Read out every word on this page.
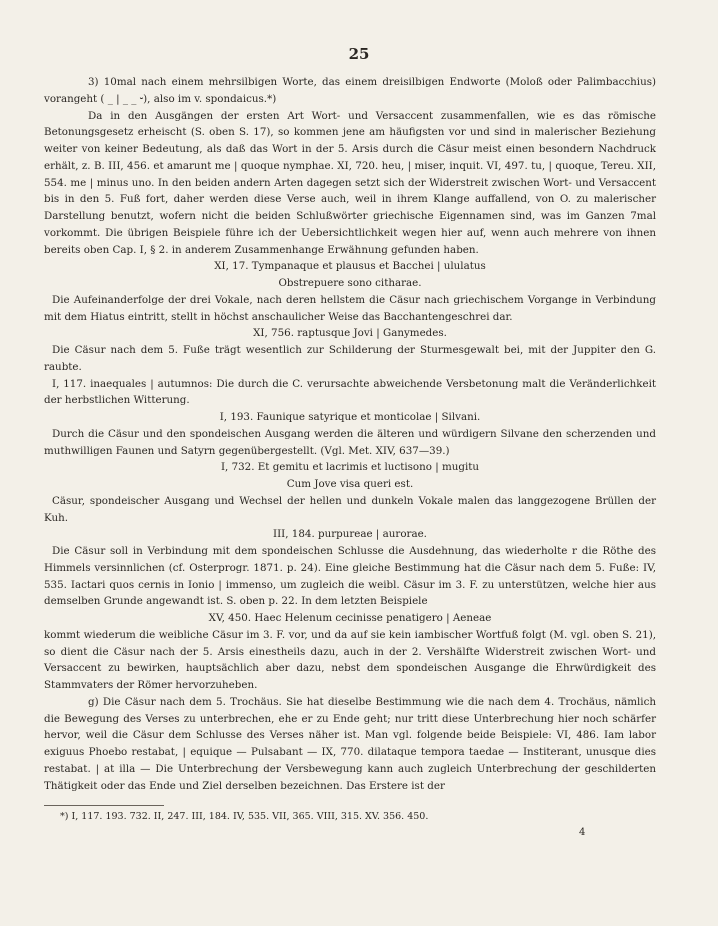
25

3) 10mal nach einem mehrsilbigen Worte, das einem dreisilbigen Endworte (Moloß oder Palimbacchius) vorangeht ( _ | _ _ ⏑), also im v. spondaicus.*)

Da in den Ausgängen der ersten Art Wort- und Versaccent zusammenfallen, wie es das römische Betonungsgesetz erheischt (S. oben S. 17), so kommen jene am häufigsten vor und sind in malerischer Beziehung weiter von keiner Bedeutung, als daß das Wort in der 5. Arsis durch die Cäsur meist einen besondern Nachdruck erhält, z. B. III, 456. et amarunt me | quoque nymphae. XI, 720. heu, | miser, inquit. VI, 497. tu, | quoque, Tereu. XII, 554. me | minus uno. In den beiden andern Arten dagegen setzt sich der Widerstreit zwischen Wort- und Versaccent bis in den 5. Fuß fort, daher werden diese Verse auch, weil in ihrem Klange auffallend, von O. zu malerischer Darstellung benutzt, wofern nicht die beiden Schlußwörter griechische Eigennamen sind, was im Ganzen 7mal vorkommt. Die übrigen Beispiele führe ich der Uebersichtlichkeit wegen hier auf, wenn auch mehrere von ihnen bereits oben Cap. I, § 2. in anderem Zusammenhange Erwähnung gefunden haben.

XI, 17. Tympanaque et plausus et Bacchei | ululatus

Obstrepuere sono citharae.

Die Aufeinanderfolge der drei Vokale, nach deren hellstem die Cäsur nach griechischem Vorgange in Verbindung mit dem Hiatus eintritt, stellt in höchst anschaulicher Weise das Bacchantengeschrei dar.

XI, 756. raptusque Jovi | Ganymedes.

Die Cäsur nach dem 5. Fuße trägt wesentlich zur Schilderung der Sturmesgewalt bei, mit der Juppiter den G. raubte.

I, 117. inaequales | autumnos: Die durch die C. verursachte abweichende Versbetonung malt die Veränderlichkeit der herbstlichen Witterung.

I, 193. Faunique satyrique et monticolae | Silvani.

Durch die Cäsur und den spondeischen Ausgang werden die älteren und würdigern Silvane den scherzenden und muthwilligen Faunen und Satyrn gegenübergestellt. (Vgl. Met. XIV, 637—39.)

I, 732. Et gemitu et lacrimis et luctisono | mugitu

Cum Jove visa queri est.

Cäsur, spondeischer Ausgang und Wechsel der hellen und dunkeln Vokale malen das langgezogene Brüllen der Kuh.

III, 184. purpureae | aurorae.

Die Cäsur soll in Verbindung mit dem spondeischen Schlusse die Ausdehnung, das wiederholte r die Röthe des Himmels versinnlichen (cf. Osterprogr. 1871. p. 24). Eine gleiche Bestimmung hat die Cäsur nach dem 5. Fuße: IV, 535. Iactari quos cernis in Ionio | immenso, um zugleich die weibl. Cäsur im 3. F. zu unterstützen, welche hier aus demselben Grunde angewandt ist. S. oben p. 22. In dem letzten Beispiele

XV, 450. Haec Helenum cecinisse penatigero | Aeneae

kommt wiederum die weibliche Cäsur im 3. F. vor, und da auf sie kein iambischer Wortfuß folgt (M. vgl. oben S. 21), so dient die Cäsur nach der 5. Arsis einestheils dazu, auch in der 2. Vershälfte Widerstreit zwischen Wort- und Versaccent zu bewirken, hauptsächlich aber dazu, nebst dem spondeischen Ausgange die Ehrwürdigkeit des Stammvaters der Römer hervorzuheben.

g) Die Cäsur nach dem 5. Trochäus. Sie hat dieselbe Bestimmung wie die nach dem 4. Trochäus, nämlich die Bewegung des Verses zu unterbrechen, ehe er zu Ende geht; nur tritt diese Unterbrechung hier noch schärfer hervor, weil die Cäsur dem Schlusse des Verses näher ist. Man vgl. folgende beide Beispiele: VI, 486. Iam labor exiguus Phoebo restabat, | equique — Pulsabant — IX, 770. dilataque tempora taedae — Institerant, unusque dies restabat. | at illa — Die Unterbrechung der Versbewegung kann auch zugleich Unterbrechung der geschilderten Thätigkeit oder das Ende und Ziel derselben bezeichnen. Das Erstere ist der

*) I, 117. 193. 732. II, 247. III, 184. IV, 535. VII, 365. VIII, 315. XV. 356. 450.
4
